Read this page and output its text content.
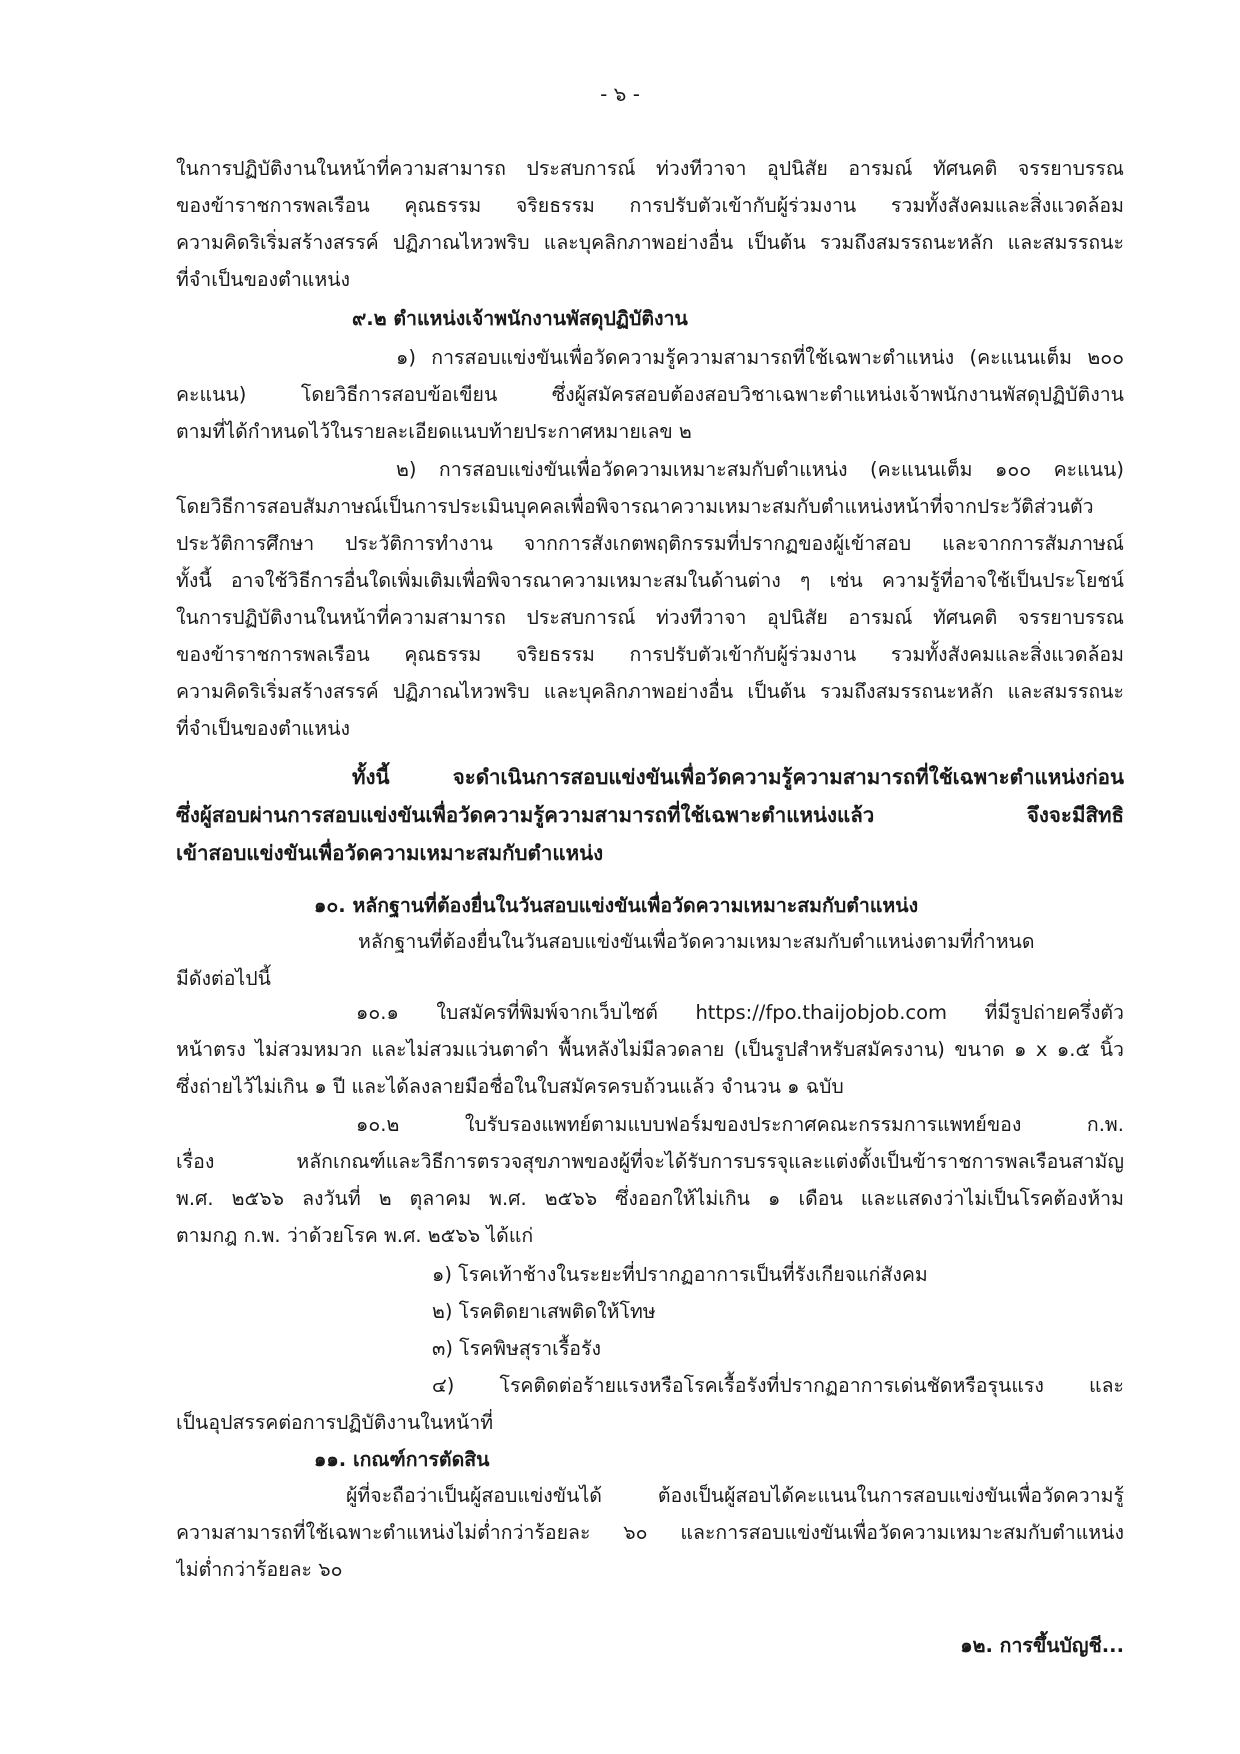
- ๖ -
ในการปฏิบัติงานในหน้าที่ความสามารถ ประสบการณ์ ท่วงทีวาจา อุปนิสัย อารมณ์ ทัศนคติ จรรยาบรรณ
ของข้าราชการพลเรือน คุณธรรม จริยธรรม การปรับตัวเข้ากับผู้ร่วมงาน รวมทั้งสังคมและสิ่งแวดล้อม
ความคิดริเริ่มสร้างสรรค์ ปฏิภาณไหวพริบ และบุคลิกภาพอย่างอื่น เป็นต้น รวมถึงสมรรถนะหลัก และสมรรถนะ
ที่จำเป็นของตำแหน่ง
๙.๒ ตำแหน่งเจ้าพนักงานพัสดุปฏิบัติงาน
๑) การสอบแข่งขันเพื่อวัดความรู้ความสามารถที่ใช้เฉพาะตำแหน่ง (คะแนนเต็ม ๒๐๐
คะแนน) โดยวิธีการสอบข้อเขียน ซึ่งผู้สมัครสอบต้องสอบวิชาเฉพาะตำแหน่งเจ้าพนักงานพัสดุปฏิบัติงาน
ตามที่ได้กำหนดไว้ในรายละเอียดแนบท้ายประกาศหมายเลข ๒
๒) การสอบแข่งขันเพื่อวัดความเหมาะสมกับตำแหน่ง (คะแนนเต็ม ๑๐๐ คะแนน)
โดยวิธีการสอบสัมภาษณ์เป็นการประเมินบุคคลเพื่อพิจารณาความเหมาะสมกับตำแหน่งหน้าที่จากประวัติส่วนตัว
ประวัติการศึกษา ประวัติการทำงาน จากการสังเกตพฤติกรรมที่ปรากฏของผู้เข้าสอบ และจากการสัมภาษณ์
ทั้งนี้ อาจใช้วิธีการอื่นใดเพิ่มเติมเพื่อพิจารณาความเหมาะสมในด้านต่าง ๆ เช่น ความรู้ที่อาจใช้เป็นประโยชน์
ในการปฏิบัติงานในหน้าที่ความสามารถ ประสบการณ์ ท่วงทีวาจา อุปนิสัย อารมณ์ ทัศนคติ จรรยาบรรณ
ของข้าราชการพลเรือน คุณธรรม จริยธรรม การปรับตัวเข้ากับผู้ร่วมงาน รวมทั้งสังคมและสิ่งแวดล้อม
ความคิดริเริ่มสร้างสรรค์ ปฏิภาณไหวพริบ และบุคลิกภาพอย่างอื่น เป็นต้น รวมถึงสมรรถนะหลัก และสมรรถนะ
ที่จำเป็นของตำแหน่ง
ทั้งนี้ จะดำเนินการสอบแข่งขันเพื่อวัดความรู้ความสามารถที่ใช้เฉพาะตำแหน่งก่อน
ซึ่งผู้สอบผ่านการสอบแข่งขันเพื่อวัดความรู้ความสามารถที่ใช้เฉพาะตำแหน่งแล้ว จึงจะมีสิทธิ
เข้าสอบแข่งขันเพื่อวัดความเหมาะสมกับตำแหน่ง
๑๐. หลักฐานที่ต้องยื่นในวันสอบแข่งขันเพื่อวัดความเหมาะสมกับตำแหน่ง
หลักฐานที่ต้องยื่นในวันสอบแข่งขันเพื่อวัดความเหมาะสมกับตำแหน่งตามที่กำหนด
มีดังต่อไปนี้
๑๐.๑ ใบสมัครที่พิมพ์จากเว็บไซต์ https://fpo.thaijobjob.com ที่มีรูปถ่ายครึ่งตัว
หน้าตรง ไม่สวมหมวก และไม่สวมแว่นตาดำ พื้นหลังไม่มีลวดลาย (เป็นรูปสำหรับสมัครงาน) ขนาด ๑ x ๑.๕ นิ้ว
ซึ่งถ่ายไว้ไม่เกิน ๑ ปี และได้ลงลายมือชื่อในใบสมัครครบถ้วนแล้ว จำนวน ๑ ฉบับ
๑๐.๒ ใบรับรองแพทย์ตามแบบฟอร์มของประกาศคณะกรรมการแพทย์ของ ก.พ.
เรื่อง หลักเกณฑ์และวิธีการตรวจสุขภาพของผู้ที่จะได้รับการบรรจุและแต่งตั้งเป็นข้าราชการพลเรือนสามัญ
พ.ศ. ๒๕๖๖ ลงวันที่ ๒ ตุลาคม พ.ศ. ๒๕๖๖ ซึ่งออกให้ไม่เกิน ๑ เดือน และแสดงว่าไม่เป็นโรคต้องห้าม
ตามกฎ ก.พ. ว่าด้วยโรค พ.ศ. ๒๕๖๖ ได้แก่
๑) โรคเท้าช้างในระยะที่ปรากฏอาการเป็นที่รังเกียจแก่สังคม
๒) โรคติดยาเสพติดให้โทษ
๓) โรคพิษสุราเรื้อรัง
๔) โรคติดต่อร้ายแรงหรือโรคเรื้อรังที่ปรากฏอาการเด่นชัดหรือรุนแรง และ
เป็นอุปสรรคต่อการปฏิบัติงานในหน้าที่
๑๑. เกณฑ์การตัดสิน
ผู้ที่จะถือว่าเป็นผู้สอบแข่งขันได้ ต้องเป็นผู้สอบได้คะแนนในการสอบแข่งขันเพื่อวัดความรู้
ความสามารถที่ใช้เฉพาะตำแหน่งไม่ต่ำกว่าร้อยละ ๖๐ และการสอบแข่งขันเพื่อวัดความเหมาะสมกับตำแหน่ง
ไม่ต่ำกว่าร้อยละ ๖๐
๑๒. การขึ้นบัญชี...
